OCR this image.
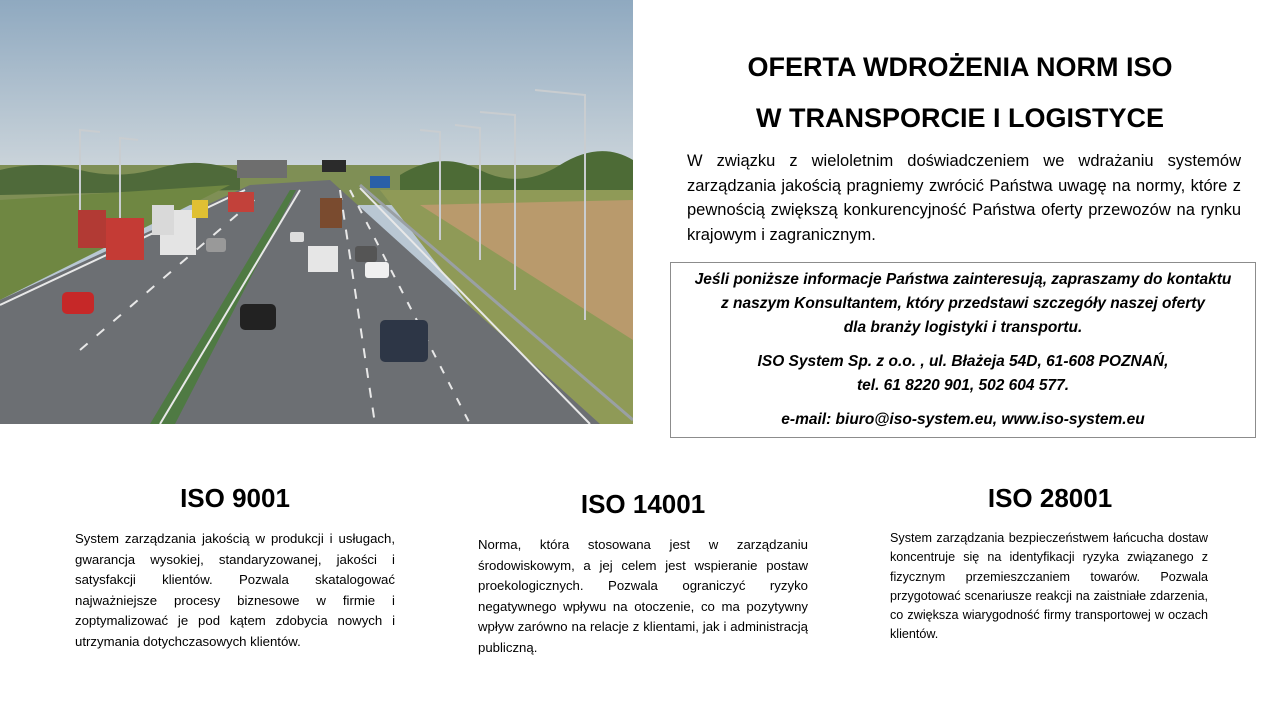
OFERTA WDROŻENIA NORM ISO
W TRANSPORCIE I LOGISTYCE

W związku z wieloletnim doświadczeniem we wdrażaniu systemów zarządzania jakością pragniemy zwrócić Państwa uwagę na normy, które z pewnością zwiększą konkurencyjność Państwa oferty przewozów na rynku krajowym i zagranicznym.

Jeśli poniższe informacje Państwa zainteresują, zapraszamy do kontaktu

z naszym Konsultantem, który przedstawi szczegóły naszej oferty

dla branży logistyki i transportu.

ISO System Sp. z o.o. , ul. Błażeja 54D, 61-608 POZNAŃ,

tel. 61 8220 901, 502 604 577.

e-mail: biuro@iso-system.eu, www.iso-system.eu

ISO 9001

System zarządzania jakością w produkcji i usługach, gwarancja wysokiej, standaryzowanej, jakości i satysfakcji klientów. Pozwala skatalogować najważniejsze procesy biznesowe w firmie i zoptymalizować je pod kątem zdobycia nowych i utrzymania dotychczasowych klientów.

ISO 14001

Norma, która stosowana jest w zarządzaniu środowiskowym, a jej celem jest wspieranie postaw proekologicznych. Pozwala ograniczyć ryzyko negatywnego wpływu na otoczenie, co ma pozytywny wpływ zarówno na relacje z klientami, jak i administracją publiczną.

ISO 28001

System zarządzania bezpieczeństwem łańcucha dostaw koncentruje się na identyfikacji ryzyka związanego z fizycznym przemieszczaniem towarów. Pozwala przygotować scenariusze reakcji na zaistniałe zdarzenia, co zwiększa wiarygodność firmy transportowej w oczach klientów.
